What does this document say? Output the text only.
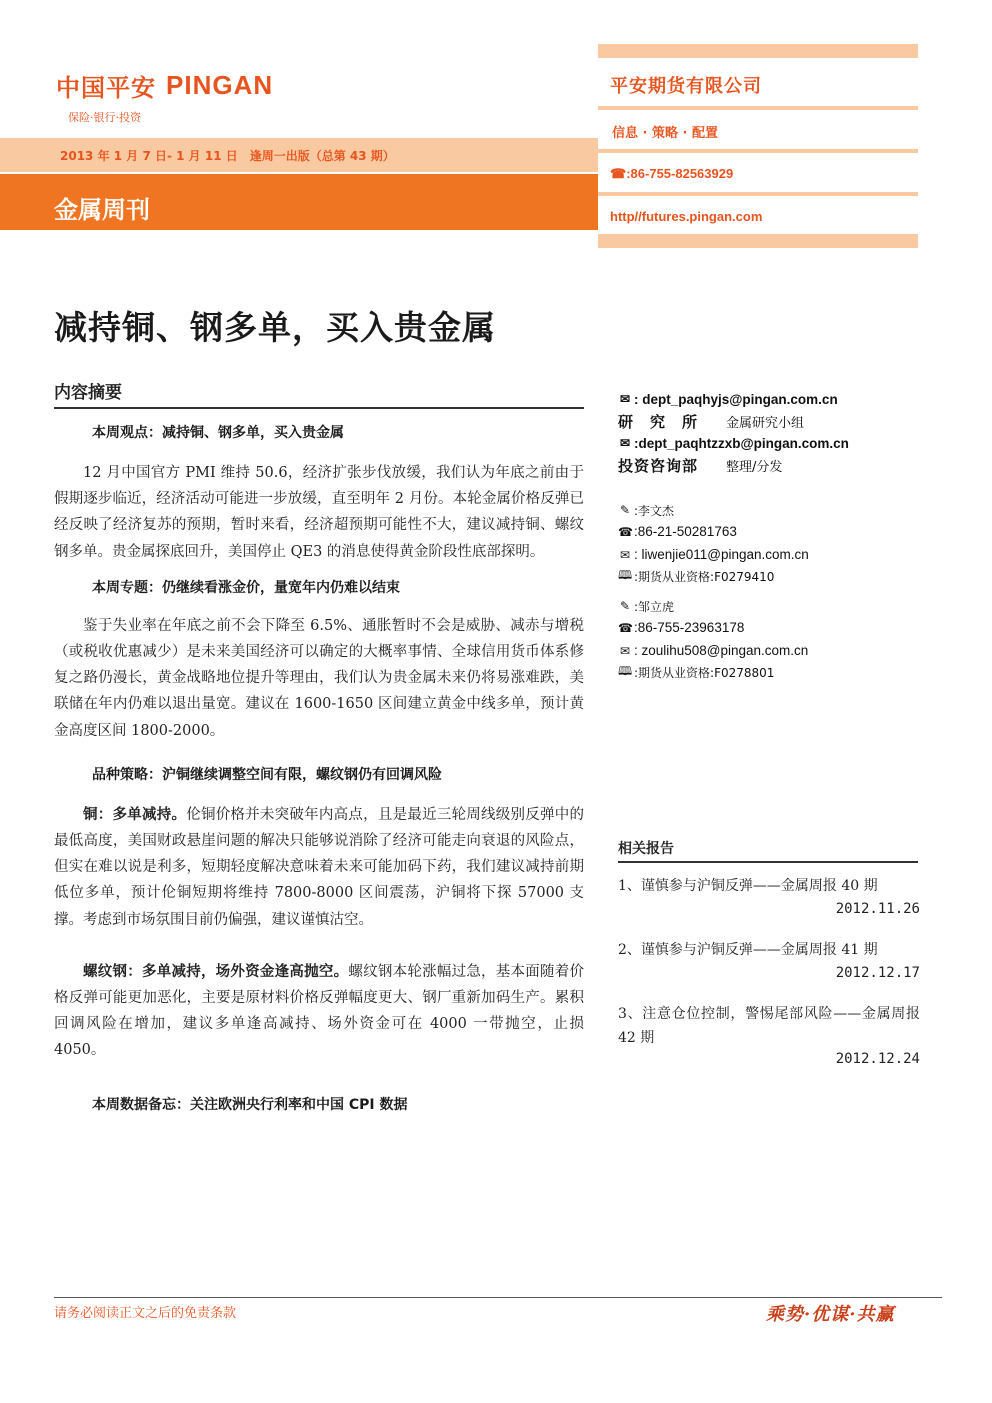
中国平安 PINGAN
保险·银行·投资
2013 年 1 月 7 日- 1 月 11 日　逢周一出版（总第 43 期）
金属周刊
平安期货有限公司
信息 · 策略 · 配置
☎:86-755-82563929
http//futures.pingan.com
减持铜、钢多单，买入贵金属
内容摘要
本周观点：减持铜、钢多单，买入贵金属

12 月中国官方 PMI 维持 50.6，经济扩张步伐放缓，我们认为年底之前由于假期逐步临近，经济活动可能进一步放缓，直至明年 2 月份。本轮金属价格反弹已经反映了经济复苏的预期，暂时来看，经济超预期可能性不大，建议减持铜、螺纹钢多单。贵金属探底回升，美国停止 QE3 的消息使得黄金阶段性底部探明。

本周专题：仍继续看涨金价，量宽年内仍难以结束

鉴于失业率在年底之前不会下降至 6.5%、通胀暂时不会是威胁、减赤与增税（或税收优惠减少）是未来美国经济可以确定的大概率事情、全球信用货币体系修复之路仍漫长，黄金战略地位提升等理由，我们认为贵金属未来仍将易涨难跌，美联储在年内仍难以退出量宽。建议在 1600-1650 区间建立黄金中线多单，预计黄金高度区间 1800-2000。

品种策略：沪铜继续调整空间有限，螺纹钢仍有回调风险

铜：多单减持。伦铜价格并未突破年内高点，且是最近三轮周线级别反弹中的最低高度，美国财政悬崖问题的解决只能够说消除了经济可能走向衰退的风险点，但实在难以说是利多，短期轻度解决意味着未来可能加码下药，我们建议减持前期低位多单，预计伦铜短期将维持 7800-8000 区间震荡，沪铜将下探 57000 支撑。考虑到市场氛围目前仍偏强，建议谨慎沽空。

螺纹钢：多单减持，场外资金逢高抛空。螺纹钢本轮涨幅过急，基本面随着价格反弹可能更加恶化，主要是原材料价格反弹幅度更大、钢厂重新加码生产。累积回调风险在增加，建议多单逢高减持、场外资金可在 4000 一带抛空，止损 4050。

本周数据备忘：关注欧洲央行利率和中国 CPI 数据
✉ : dept_paqhyjs@pingan.com.cn
研　究　所	金属研究小组
✉ :dept_paqhtzzxb@pingan.com.cn
投资咨询部	整理/分发
✎ :李文杰
☎ :86-21-50281763
✉ : liwenjie011@pingan.com.cn
🕮 :期货从业资格:F0279410
✎ :邹立虎
☎ :86-755-23963178
✉ : zoulihu508@pingan.com.cn
🕮 :期货从业资格:F0278801
相关报告
1、谨慎参与沪铜反弹——金属周报 40 期
2012.11.26
2、谨慎参与沪铜反弹——金属周报 41 期
2012.12.17
3、注意仓位控制，警惕尾部风险——金属周报 42 期
2012.12.24
请务必阅读正文之后的免责条款	乘势·优谋·共赢
